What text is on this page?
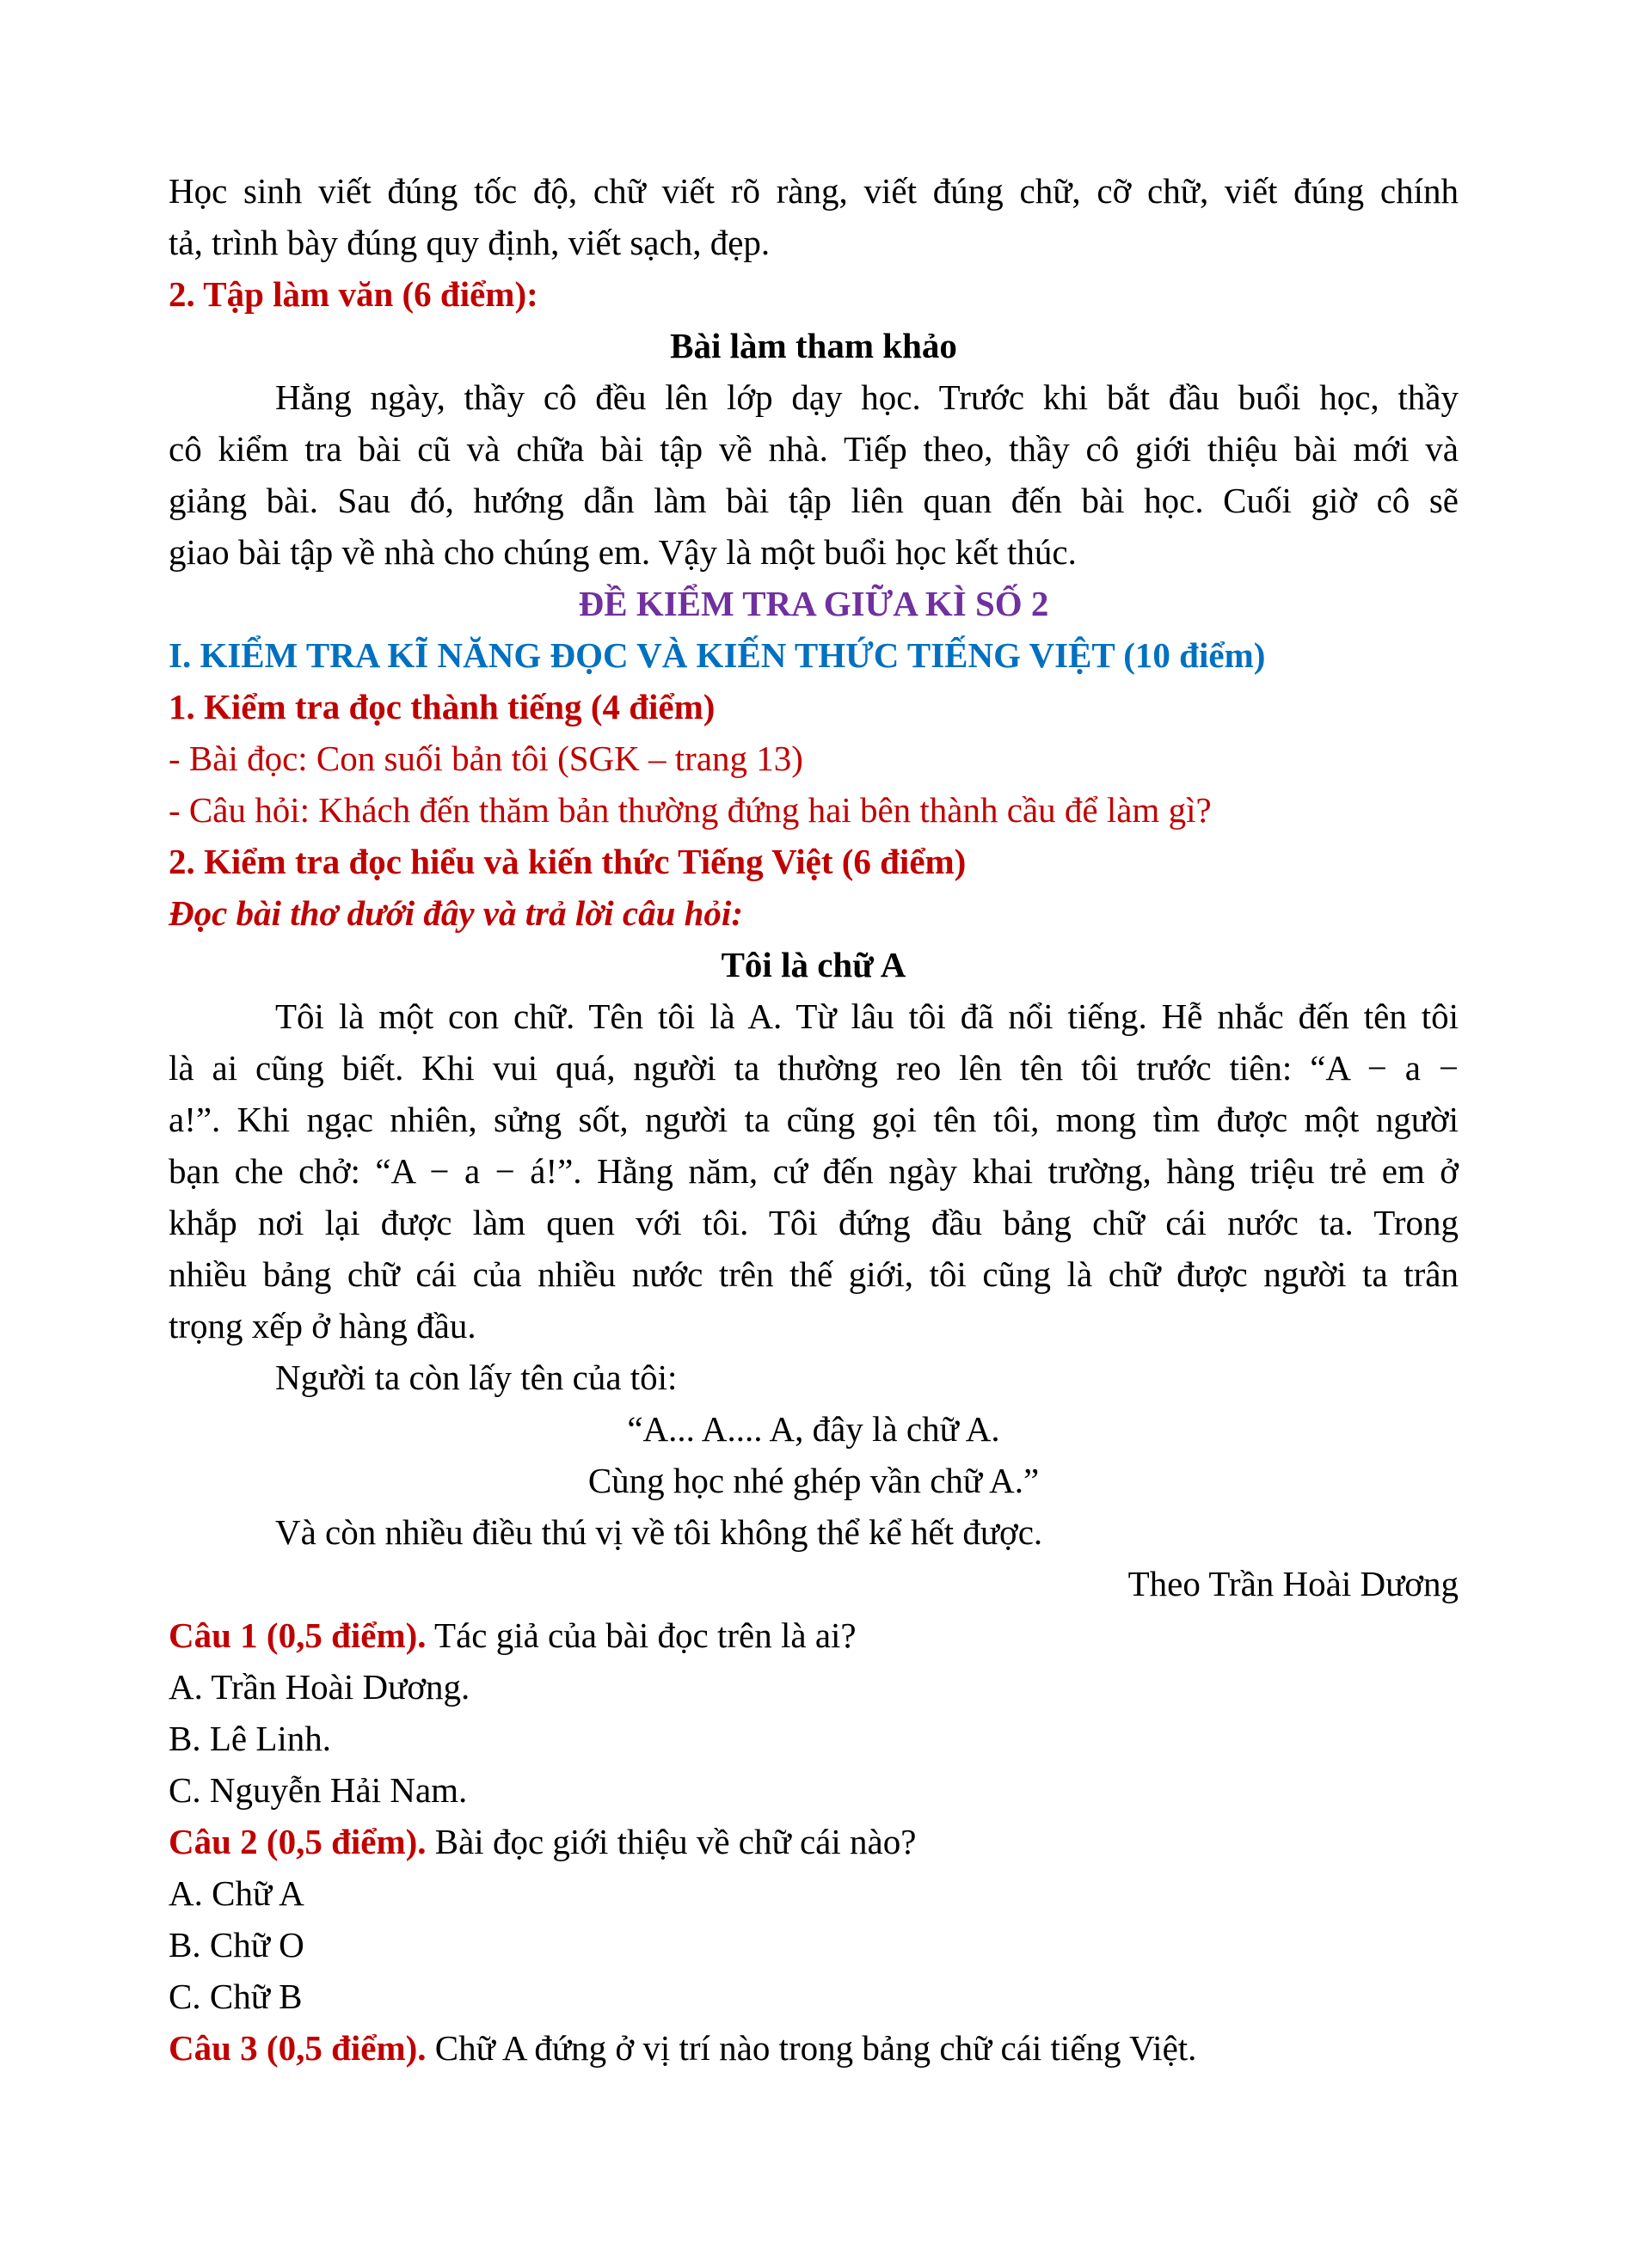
Học sinh viết đúng tốc độ, chữ viết rõ ràng, viết đúng chữ, cỡ chữ, viết đúng chính

tả, trình bày đúng quy định, viết sạch, đẹp.

2. Tập làm văn (6 điểm):

Bài làm tham khảo

Hằng ngày, thầy cô đều lên lớp dạy học. Trước khi bắt đầu buổi học, thầy

cô kiểm tra bài cũ và chữa bài tập về nhà. Tiếp theo, thầy cô giới thiệu bài mới và

giảng bài. Sau đó, hướng dẫn làm bài tập liên quan đến bài học. Cuối giờ cô sẽ

giao bài tập về nhà cho chúng em. Vậy là một buổi học kết thúc.

ĐỀ KIỂM TRA GIỮA KÌ SỐ 2

I. KIỂM TRA KĨ NĂNG ĐỌC VÀ KIẾN THỨC TIẾNG VIỆT (10 điểm)

1. Kiểm tra đọc thành tiếng (4 điểm)

- Bài đọc: Con suối bản tôi (SGK – trang 13)

- Câu hỏi: Khách đến thăm bản thường đứng hai bên thành cầu để làm gì?

2. Kiểm tra đọc hiểu và kiến thức Tiếng Việt (6 điểm)

Đọc bài thơ dưới đây và trả lời câu hỏi:

Tôi là chữ A

Tôi là một con chữ. Tên tôi là A. Từ lâu tôi đã nổi tiếng. Hễ nhắc đến tên tôi

là ai cũng biết. Khi vui quá, người ta thường reo lên tên tôi trước tiên: “A − a −

a!”. Khi ngạc nhiên, sửng sốt, người ta cũng gọi tên tôi, mong tìm được một người

bạn che chở: “A − a − á!”. Hằng năm, cứ đến ngày khai trường, hàng triệu trẻ em ở

khắp nơi lại được làm quen với tôi. Tôi đứng đầu bảng chữ cái nước ta. Trong

nhiều bảng chữ cái của nhiều nước trên thế giới, tôi cũng là chữ được người ta trân

trọng xếp ở hàng đầu.

Người ta còn lấy tên của tôi:

“A... A.... A, đây là chữ A.

Cùng học nhé ghép vần chữ A.”

Và còn nhiều điều thú vị về tôi không thể kể hết được.

Theo Trần Hoài Dương

Câu 1 (0,5 điểm). Tác giả của bài đọc trên là ai?

A. Trần Hoài Dương.

B. Lê Linh.

C. Nguyễn Hải Nam.

Câu 2 (0,5 điểm). Bài đọc giới thiệu về chữ cái nào?

A. Chữ A

B. Chữ O

C. Chữ B

Câu 3 (0,5 điểm). Chữ A đứng ở vị trí nào trong bảng chữ cái tiếng Việt.
